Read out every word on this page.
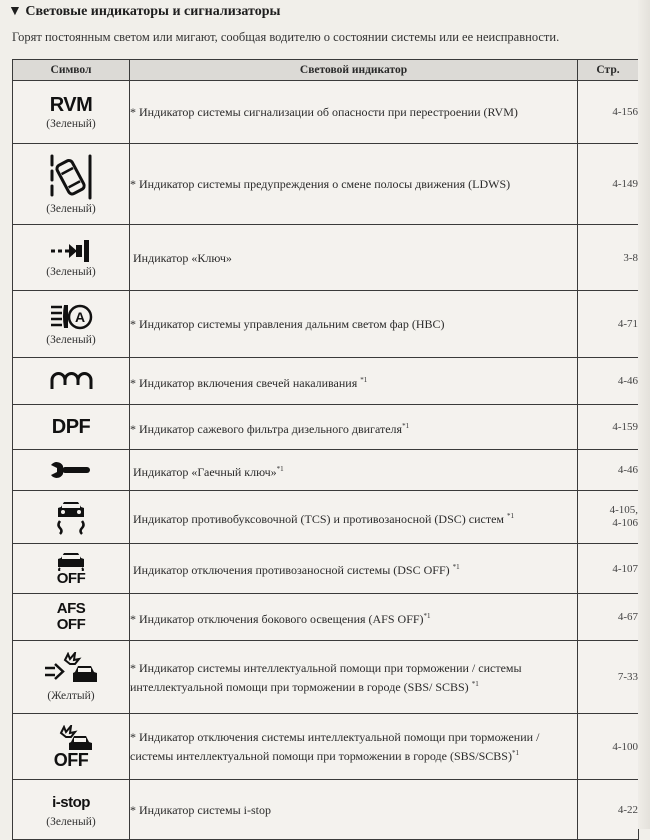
▼ Световые индикаторы и сигнализаторы
Горят постоянным светом или мигают, сообщая водителю о состоянии системы или ее неисправности.
Символ	Световой индикатор	Стр.

RVM
(Зеленый)	* Индикатор системы сигнализации об опасности при перестроении (RVM)	4-156

(Зеленый)	* Индикатор системы предупреждения о смене полосы движения (LDWS)	4-149

(Зеленый)	Индикатор «Ключ»	3-8

A
(Зеленый)	* Индикатор системы управления дальним светом фар (HBC)	4-71

	* Индикатор включения свечей накаливания $^{*1}$	4-46

DPF	* Индикатор сажевого фильтра дизельного двигателя$^{*1}$	4-159

	Индикатор «Гаечный ключ»$^{*1}$	4-46

	Индикатор противобуксовочной (TCS) и противозаносной (DSC) систем $^{*1}$	4-105,
4-106

OFF	Индикатор отключения противозаносной системы (DSC OFF) $^{*1}$	4-107

AFS
OFF	* Индикатор отключения бокового освещения (AFS OFF)$^{*1}$	4-67

(Желтый)	* Индикатор системы интеллектуальной помощи при торможении / системы интеллектуальной помощи при торможении в городе (SBS/ SCBS) $^{*1}$	7-33

OFF	* Индикатор отключения системы интеллектуальной помощи при торможении /системы интеллектуальной помощи при торможении в городе (SBS/SCBS)$^{*1}$	4-100

i-stop
(Зеленый)	* Индикатор системы i-stop	4-22
